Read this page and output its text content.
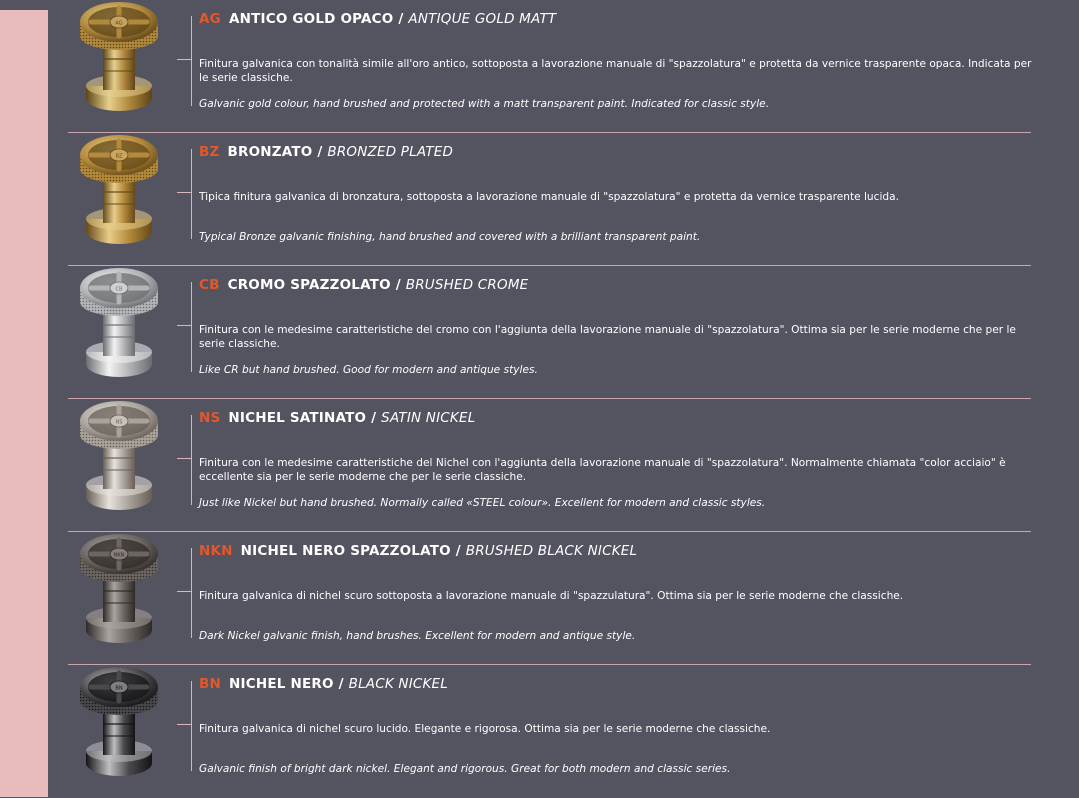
AG	AG ANTICO GOLD OPACO / ANTIQUE GOLD MATT
Finitura galvanica con tonalità simile all'oro antico, sottoposta a lavorazione manuale di "spazzolatura" e protetta da vernice trasparente opaca. Indicata per le serie classiche.
Galvanic gold colour, hand brushed and protected with a matt transparent paint. Indicated for classic style.
BZ	BZ BRONZATO / BRONZED PLATED
Tipica finitura galvanica di bronzatura, sottoposta a lavorazione manuale di "spazzolatura" e protetta da vernice trasparente lucida.
Typical Bronze galvanic finishing, hand brushed and covered with a brilliant transparent paint.
CB	CB CROMO SPAZZOLATO / BRUSHED CROME
Finitura con le medesime caratteristiche del cromo con l'aggiunta della lavorazione manuale di "spazzolatura". Ottima sia per le serie moderne che per le serie classiche.
Like CR but hand brushed. Good for modern and antique styles.
NS	NS NICHEL SATINATO / SATIN NICKEL
Finitura con le medesime caratteristiche del Nichel con l'aggiunta della lavorazione manuale di "spazzolatura". Normalmente chiamata "color acciaio" è eccellente sia per le serie moderne che per le serie classiche.
Just like Nickel but hand brushed. Normally called «STEEL colour». Excellent for modern and classic styles.
NKN	NKN NICHEL NERO SPAZZOLATO / BRUSHED BLACK NICKEL
Finitura galvanica di nichel scuro sottoposta a lavorazione manuale di "spazzulatura". Ottima sia per le serie moderne che classiche.
Dark Nickel galvanic finish, hand brushes. Excellent for modern and antique style.
BN	BN NICHEL NERO / BLACK NICKEL
Finitura galvanica di nichel scuro lucido. Elegante e rigorosa. Ottima sia per le serie moderne che classiche.
Galvanic finish of bright dark nickel. Elegant and rigorous. Great for both modern and classic series.
